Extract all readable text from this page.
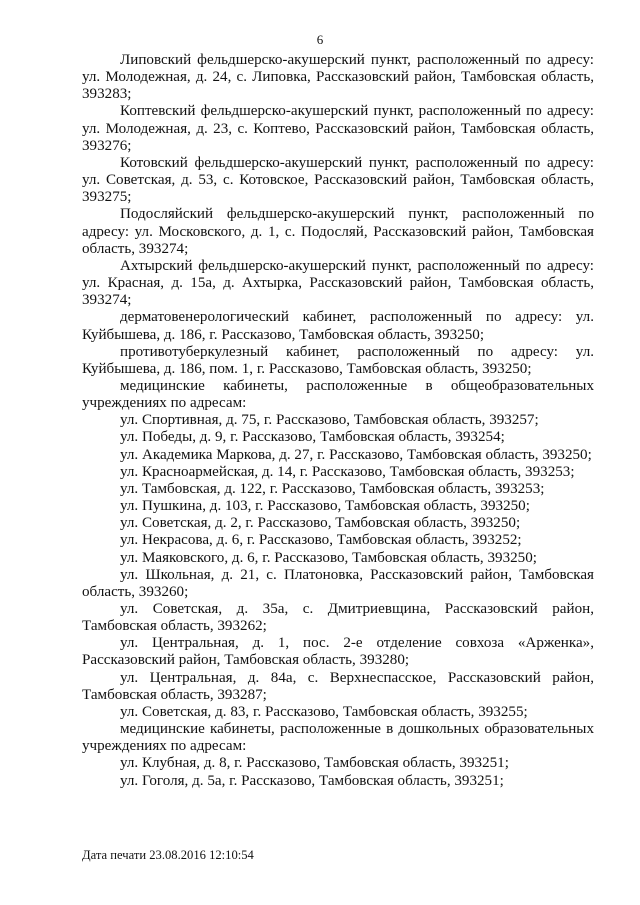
6

Липовский фельдшерско-акушерский пункт, расположенный по адресу: ул. Молодежная, д. 24, с. Липовка, Рассказовский район, Тамбовская область, 393283;

Коптевский фельдшерско-акушерский пункт, расположенный по адресу: ул. Молодежная, д. 23, с. Коптево, Рассказовский район, Тамбовская область, 393276;

Котовский фельдшерско-акушерский пункт, расположенный по адресу: ул. Советская, д. 53, с. Котовское, Рассказовский район, Тамбовская область, 393275;

Подосляйский фельдшерско-акушерский пункт, расположенный по адресу: ул. Московского, д. 1, с. Подосляй, Рассказовский район, Тамбовская область, 393274;

Ахтырский фельдшерско-акушерский пункт, расположенный по адресу: ул. Красная, д. 15а, д. Ахтырка, Рассказовский район, Тамбовская область, 393274;

дерматовенерологический кабинет, расположенный по адресу: ул. Куйбышева, д. 186, г. Рассказово, Тамбовская область, 393250;

противотуберкулезный кабинет, расположенный по адресу: ул. Куйбышева, д. 186, пом. 1, г. Рассказово, Тамбовская область, 393250;

медицинские кабинеты, расположенные в общеобразовательных учреждениях по адресам:

ул. Спортивная, д. 75, г. Рассказово, Тамбовская область, 393257;

ул. Победы, д. 9, г. Рассказово, Тамбовская область, 393254;

ул. Академика Маркова, д. 27, г. Рассказово, Тамбовская область, 393250;

ул. Красноармейская, д. 14, г. Рассказово, Тамбовская область, 393253;

ул. Тамбовская, д. 122, г. Рассказово, Тамбовская область, 393253;

ул. Пушкина, д. 103, г. Рассказово, Тамбовская область, 393250;

ул. Советская, д. 2, г. Рассказово, Тамбовская область, 393250;

ул. Некрасова, д. 6, г. Рассказово, Тамбовская область, 393252;

ул. Маяковского, д. 6, г. Рассказово, Тамбовская область, 393250;

ул. Школьная, д. 21, с. Платоновка, Рассказовский район, Тамбовская область, 393260;

ул. Советская, д. 35а, с. Дмитриевщина, Рассказовский район, Тамбовская область, 393262;

ул. Центральная, д. 1, пос. 2-е отделение совхоза «Арженка», Рассказовский район, Тамбовская область, 393280;

ул. Центральная, д. 84а, с. Верхнеспасское, Рассказовский район, Тамбовская область, 393287;

ул. Советская, д. 83, г. Рассказово, Тамбовская область, 393255;

медицинские кабинеты, расположенные в дошкольных образовательных учреждениях по адресам:

ул. Клубная, д. 8, г. Рассказово, Тамбовская область, 393251;

ул. Гоголя, д. 5а, г. Рассказово, Тамбовская область, 393251;

Дата печати 23.08.2016 12:10:54
